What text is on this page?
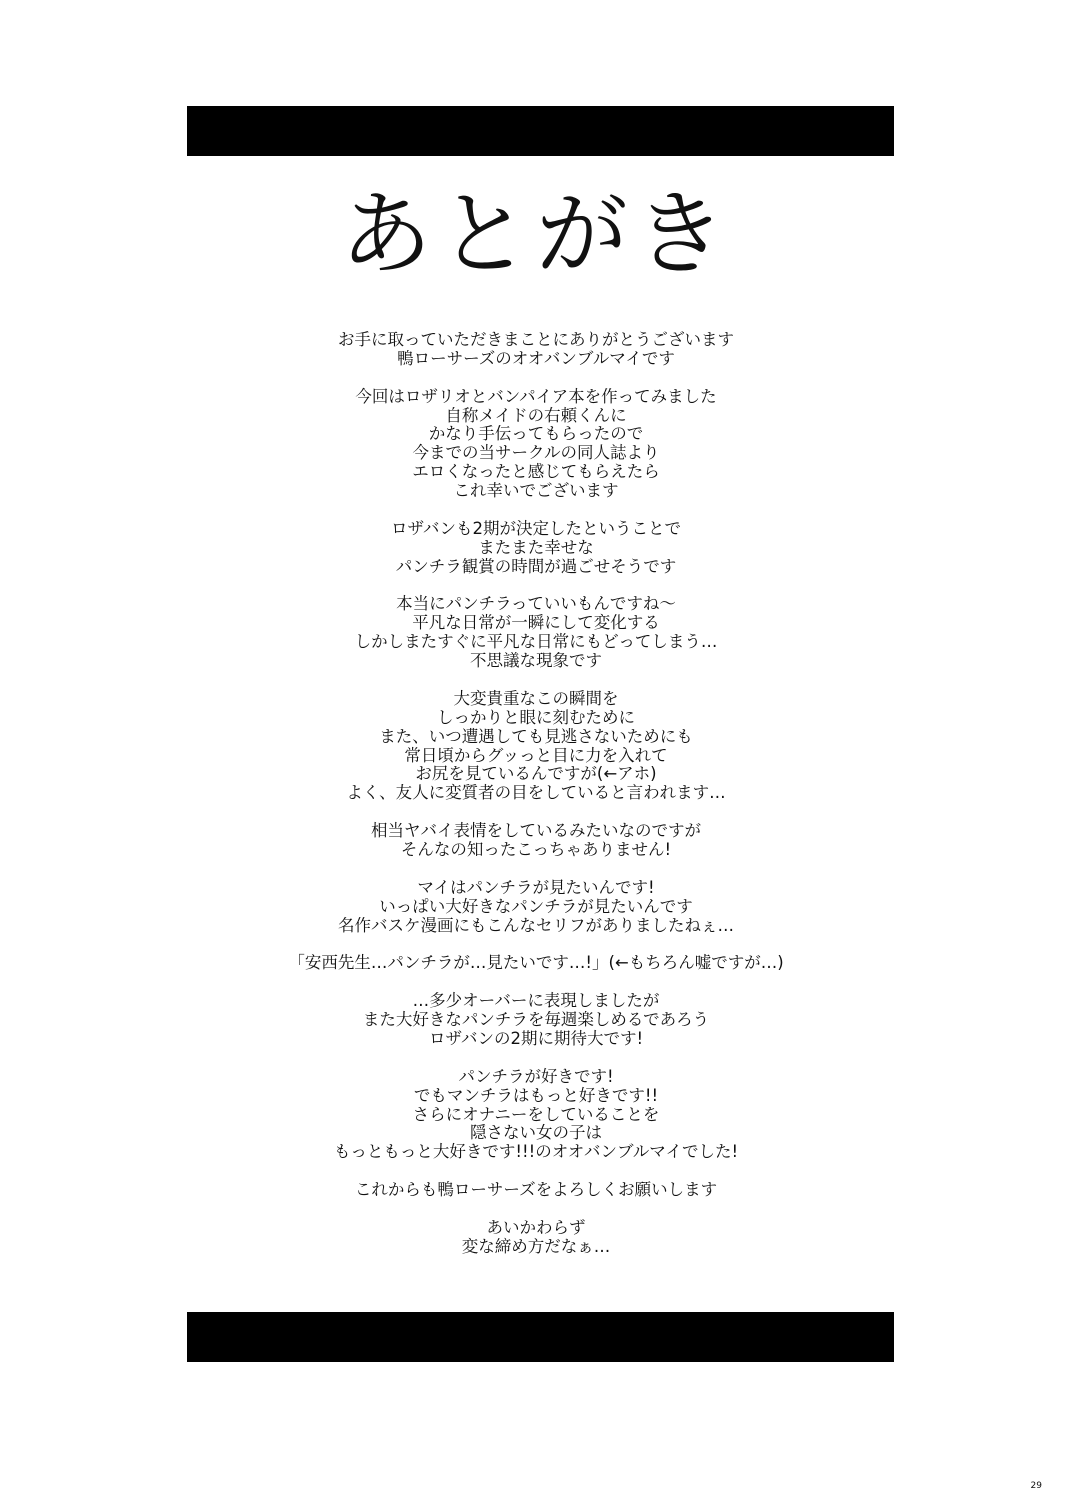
あとがき
お手に取っていただきまことにありがとうございます
鴨ローサーズのオオバンブルマイです
今回はロザリオとバンパイア本を作ってみました
自称メイドの右頼くんに
かなり手伝ってもらったので
今までの当サークルの同人誌より
エロくなったと感じてもらえたら
これ幸いでございます
ロザバンも2期が決定したということで
またまた幸せな
パンチラ観賞の時間が過ごせそうです
本当にパンチラっていいもんですね〜
平凡な日常が一瞬にして変化する
しかしまたすぐに平凡な日常にもどってしまう…
不思議な現象です
大変貴重なこの瞬間を
しっかりと眼に刻むために
また、いつ遭遇しても見逃さないためにも
常日頃からグッっと目に力を入れて
お尻を見ているんですが(←アホ)
よく、友人に変質者の目をしていると言われます…
相当ヤバイ表情をしているみたいなのですが
そんなの知ったこっちゃありません!
マイはパンチラが見たいんです!
いっぱい大好きなパンチラが見たいんです
名作バスケ漫画にもこんなセリフがありましたねぇ…
「安西先生…パンチラが…見たいです…!」(←もちろん嘘ですが…)
…多少オーバーに表現しましたが
また大好きなパンチラを毎週楽しめるであろう
ロザバンの2期に期待大です!
パンチラが好きです!
でもマンチラはもっと好きです!!
さらにオナニーをしていることを
隠さない女の子は
もっともっと大好きです!!!のオオバンブルマイでした!
これからも鴨ローサーズをよろしくお願いします
あいかわらず
変な締め方だなぁ…
29
